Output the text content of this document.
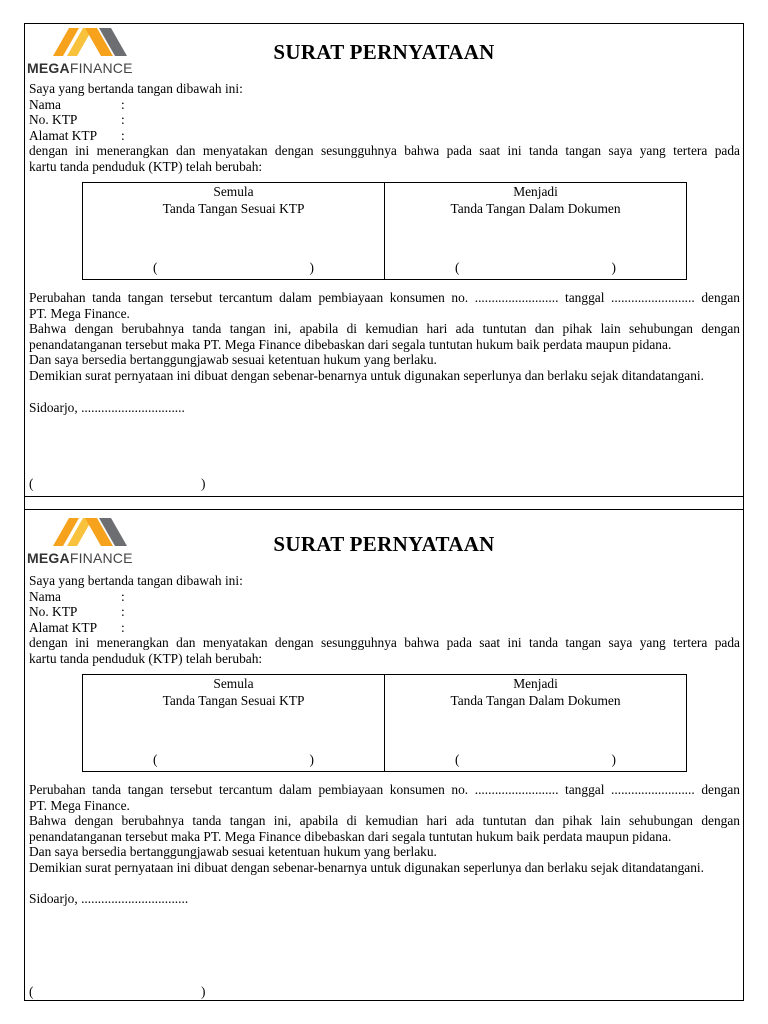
MEGAFINANCE
SURAT PERNYATAAN
Saya yang bertanda tangan dibawah ini:
Nama	:
No. KTP	:
Alamat KTP :
dengan ini menerangkan dan menyatakan dengan sesungguhnya bahwa pada saat ini tanda tangan saya yang tertera pada
kartu tanda penduduk (KTP) telah berubah:
Semula
Tanda Tangan Sesuai KTP
(	)

Menjadi
Tanda Tangan Dalam Dokumen
(	)
Perubahan tanda tangan tersebut tercantum dalam pembiayaan konsumen no. ......................... tanggal ......................... dengan
PT. Mega Finance.
Bahwa dengan berubahnya tanda tangan ini, apabila di kemudian hari ada tuntutan dan pihak lain sehubungan dengan
penandatanganan tersebut maka PT. Mega Finance dibebaskan dari segala tuntutan hukum baik perdata maupun pidana.
Dan saya bersedia bertanggungjawab sesuai ketentuan hukum yang berlaku.
Demikian surat pernyataan ini dibuat dengan sebenar-benarnya untuk digunakan seperlunya dan berlaku sejak ditandatangani.
Sidoarjo, ...............................
(	)
MEGAFINANCE
SURAT PERNYATAAN
Saya yang bertanda tangan dibawah ini:
Nama	:
No. KTP	:
Alamat KTP :
dengan ini menerangkan dan menyatakan dengan sesungguhnya bahwa pada saat ini tanda tangan saya yang tertera pada
kartu tanda penduduk (KTP) telah berubah:
Semula
Tanda Tangan Sesuai KTP
(	)

Menjadi
Tanda Tangan Dalam Dokumen
(	)
Perubahan tanda tangan tersebut tercantum dalam pembiayaan konsumen no. ......................... tanggal ......................... dengan
PT. Mega Finance.
Bahwa dengan berubahnya tanda tangan ini, apabila di kemudian hari ada tuntutan dan pihak lain sehubungan dengan
penandatanganan tersebut maka PT. Mega Finance dibebaskan dari segala tuntutan hukum baik perdata maupun pidana.
Dan saya bersedia bertanggungjawab sesuai ketentuan hukum yang berlaku.
Demikian surat pernyataan ini dibuat dengan sebenar-benarnya untuk digunakan seperlunya dan berlaku sejak ditandatangani.
Sidoarjo, ................................
(	)
